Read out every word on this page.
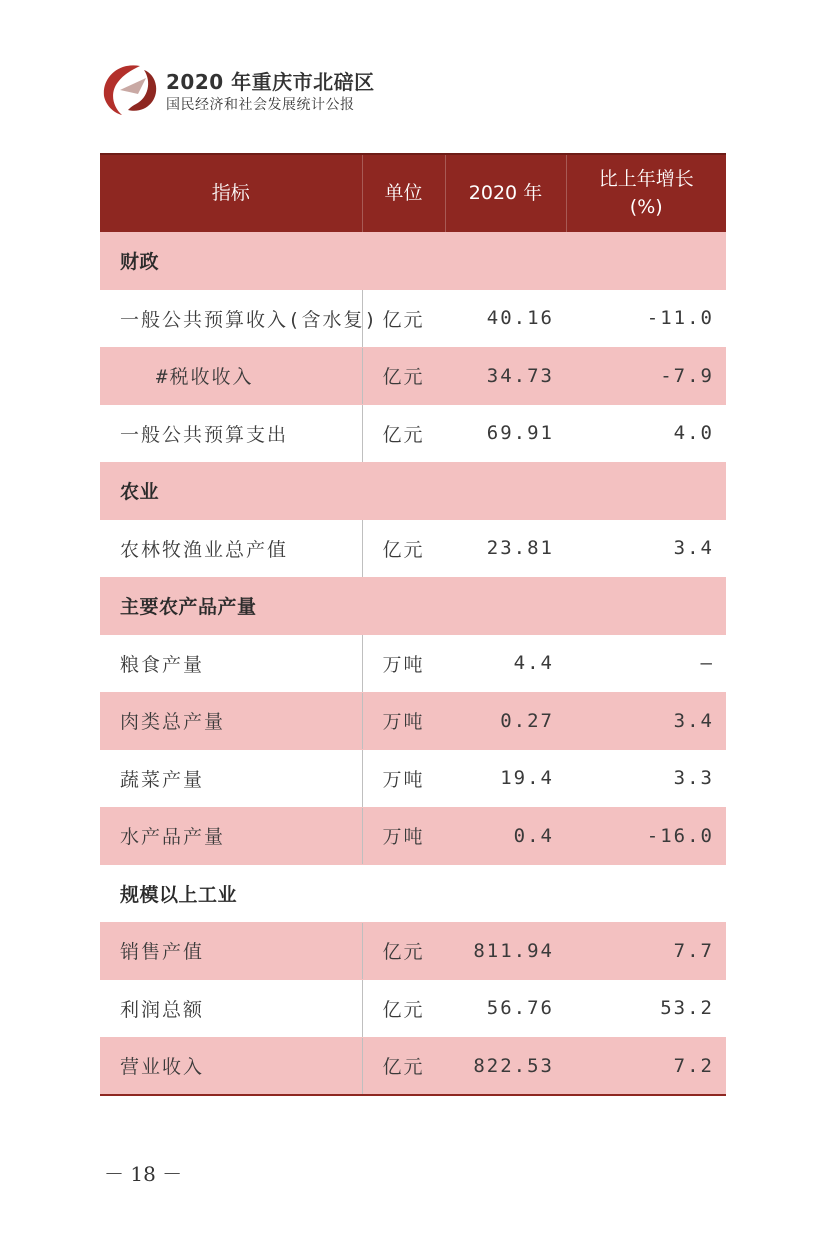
2020 年重庆市北碚区
国民经济和社会发展统计公报
指标	单位	2020 年	比上年增长
(%)
财政			
一般公共预算收入(含水复)	亿元	40.16	-11.0
#税收收入	亿元	34.73	-7.9
一般公共预算支出	亿元	69.91	4.0
农业			
农林牧渔业总产值	亿元	23.81	3.4
主要农产品产量			
粮食产量	万吨	4.4	—
肉类总产量	万吨	0.27	3.4
蔬菜产量	万吨	19.4	3.3
水产品产量	万吨	0.4	-16.0
规模以上工业			
销售产值	亿元	811.94	7.7
利润总额	亿元	56.76	53.2
营业收入	亿元	822.53	7.2
－ 18 －
